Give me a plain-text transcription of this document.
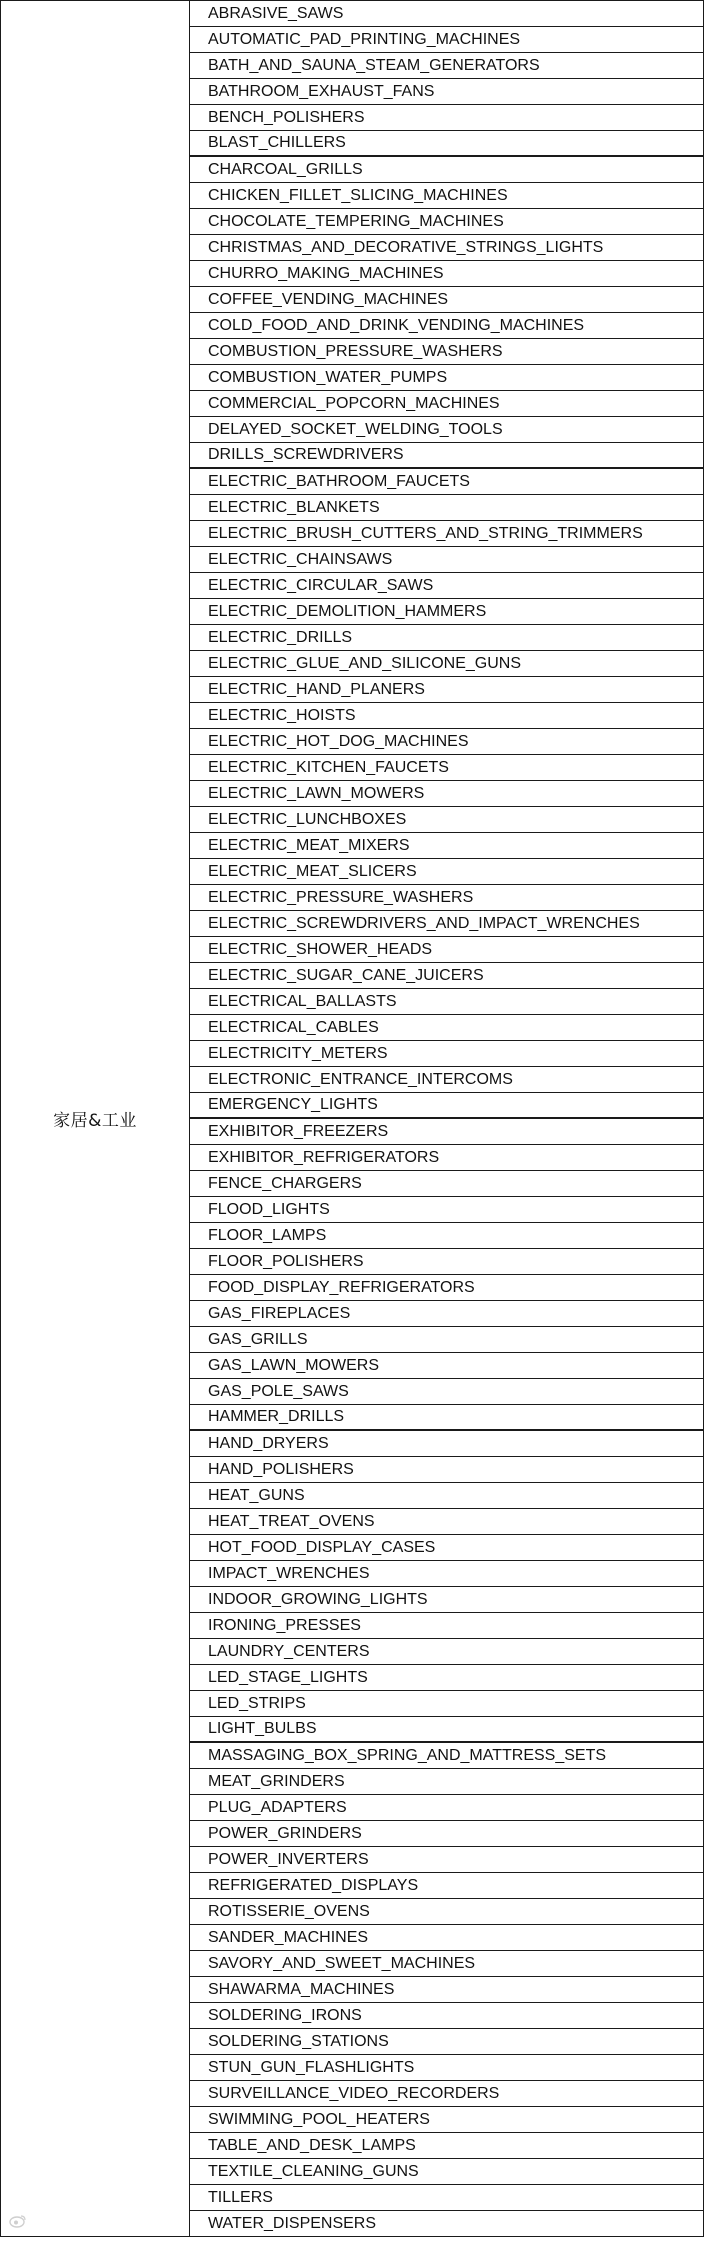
家居&工业
ABRASIVE_SAWS
AUTOMATIC_PAD_PRINTING_MACHINES
BATH_AND_SAUNA_STEAM_GENERATORS
BATHROOM_EXHAUST_FANS
BENCH_POLISHERS
BLAST_CHILLERS
CHARCOAL_GRILLS
CHICKEN_FILLET_SLICING_MACHINES
CHOCOLATE_TEMPERING_MACHINES
CHRISTMAS_AND_DECORATIVE_STRINGS_LIGHTS
CHURRO_MAKING_MACHINES
COFFEE_VENDING_MACHINES
COLD_FOOD_AND_DRINK_VENDING_MACHINES
COMBUSTION_PRESSURE_WASHERS
COMBUSTION_WATER_PUMPS
COMMERCIAL_POPCORN_MACHINES
DELAYED_SOCKET_WELDING_TOOLS
DRILLS_SCREWDRIVERS
ELECTRIC_BATHROOM_FAUCETS
ELECTRIC_BLANKETS
ELECTRIC_BRUSH_CUTTERS_AND_STRING_TRIMMERS
ELECTRIC_CHAINSAWS
ELECTRIC_CIRCULAR_SAWS
ELECTRIC_DEMOLITION_HAMMERS
ELECTRIC_DRILLS
ELECTRIC_GLUE_AND_SILICONE_GUNS
ELECTRIC_HAND_PLANERS
ELECTRIC_HOISTS
ELECTRIC_HOT_DOG_MACHINES
ELECTRIC_KITCHEN_FAUCETS
ELECTRIC_LAWN_MOWERS
ELECTRIC_LUNCHBOXES
ELECTRIC_MEAT_MIXERS
ELECTRIC_MEAT_SLICERS
ELECTRIC_PRESSURE_WASHERS
ELECTRIC_SCREWDRIVERS_AND_IMPACT_WRENCHES
ELECTRIC_SHOWER_HEADS
ELECTRIC_SUGAR_CANE_JUICERS
ELECTRICAL_BALLASTS
ELECTRICAL_CABLES
ELECTRICITY_METERS
ELECTRONIC_ENTRANCE_INTERCOMS
EMERGENCY_LIGHTS
EXHIBITOR_FREEZERS
EXHIBITOR_REFRIGERATORS
FENCE_CHARGERS
FLOOD_LIGHTS
FLOOR_LAMPS
FLOOR_POLISHERS
FOOD_DISPLAY_REFRIGERATORS
GAS_FIREPLACES
GAS_GRILLS
GAS_LAWN_MOWERS
GAS_POLE_SAWS
HAMMER_DRILLS
HAND_DRYERS
HAND_POLISHERS
HEAT_GUNS
HEAT_TREAT_OVENS
HOT_FOOD_DISPLAY_CASES
IMPACT_WRENCHES
INDOOR_GROWING_LIGHTS
IRONING_PRESSES
LAUNDRY_CENTERS
LED_STAGE_LIGHTS
LED_STRIPS
LIGHT_BULBS
MASSAGING_BOX_SPRING_AND_MATTRESS_SETS
MEAT_GRINDERS
PLUG_ADAPTERS
POWER_GRINDERS
POWER_INVERTERS
REFRIGERATED_DISPLAYS
ROTISSERIE_OVENS
SANDER_MACHINES
SAVORY_AND_SWEET_MACHINES
SHAWARMA_MACHINES
SOLDERING_IRONS
SOLDERING_STATIONS
STUN_GUN_FLASHLIGHTS
SURVEILLANCE_VIDEO_RECORDERS
SWIMMING_POOL_HEATERS
TABLE_AND_DESK_LAMPS
TEXTILE_CLEANING_GUNS
TILLERS
WATER_DISPENSERS
